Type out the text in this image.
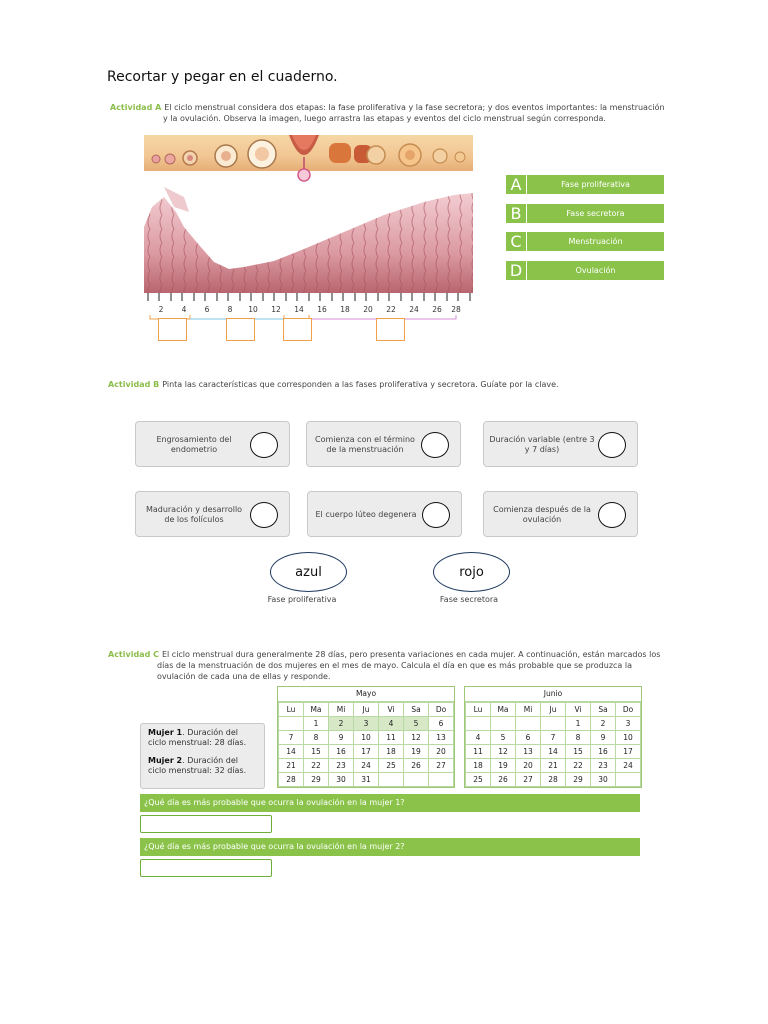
Recortar y pegar en el cuaderno.
Actividad A El ciclo menstrual considera dos etapas: la fase proliferativa y la fase secretora; y dos eventos importantes: la menstruación
y la ovulación. Observa la imagen, luego arrastra las etapas y eventos del ciclo menstrual según corresponda.
2	4	6	8	10 12 14 16 18 20 22 24 26 28
A	Fase proliferativa
B	Fase secretora
C	Menstruación
D	Ovulación
Actividad B Pinta las características que corresponden a las fases proliferativa y secretora. Guíate por la clave.
Engrosamiento del endometrio
Comienza con el término de la menstruación
Duración variable (entre 3 y 7 días)
Maduración y desarrollo de los folículos
El cuerpo lúteo degenera
Comienza después de la ovulación
azul
Fase proliferativa
rojo
Fase secretora
Actividad C El ciclo menstrual dura generalmente 28 días, pero presenta variaciones en cada mujer. A continuación, están marcados los
días de la menstruación de dos mujeres en el mes de mayo. Calcula el día en que es más probable que se produzca la
ovulación de cada una de ellas y responde.
Mayo
Lu	Ma	Mi	Ju	Vi	Sa	Do
	1	2	3	4	5	6
7	8	9	10	11	12	13
14	15	16	17	18	19	20
21	22	23	24	25	26	27
28	29	30	31			
Junio
Lu	Ma	Mi	Ju	Vi	Sa	Do
				1	2	3
4	5	6	7	8	9	10
11	12	13	14	15	16	17
18	19	20	21	22	23	24
25	26	27	28	29	30	
Mujer 1. Duración del ciclo menstrual: 28 días.
Mujer 2. Duración del ciclo menstrual: 32 días.
¿Qué día es más probable que ocurra la ovulación en la mujer 1?
¿Qué día es más probable que ocurra la ovulación en la mujer 2?
